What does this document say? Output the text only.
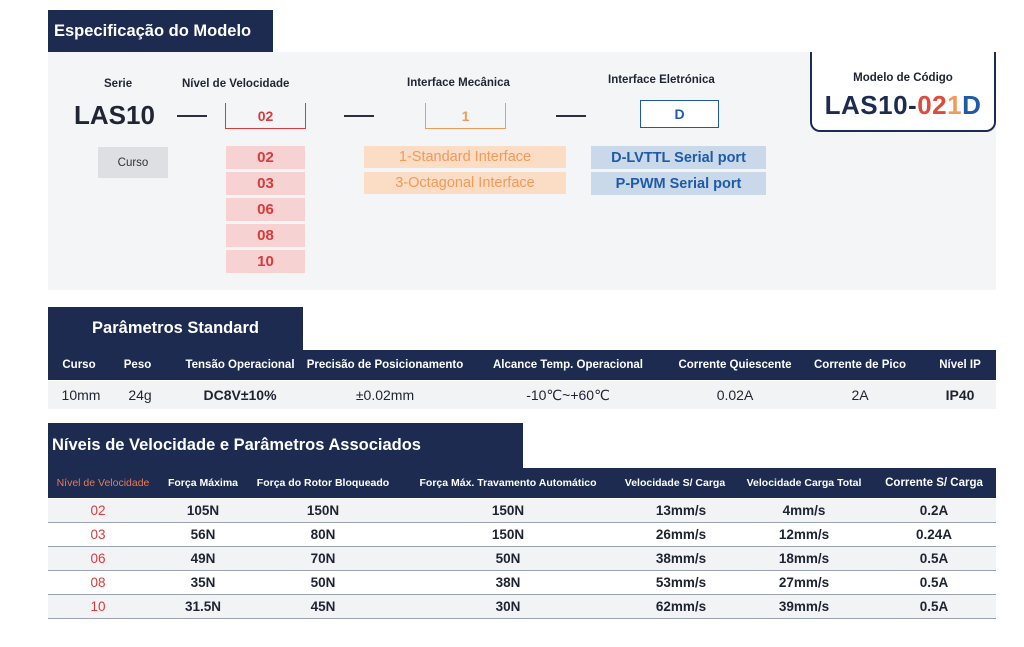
Especificação do Modelo
Modelo de Código
LAS10-021D
Serie	Nível de Velocidade	Interface Mecânica	Interface Eletrónica
LAS10	02	1	D
Curso	02
03
06
08
10
1-Standard Interface
3-Octagonal Interface
D-LVTTL Serial port
P-PWM Serial port
Parâmetros Standard
Curso	Peso	Tensão Operacional	Precisão de Posicionamento	Alcance Temp. Operacional	Corrente Quiescente	Corrente de Pico	Nível IP
10mm	24g	DC8V±10%	±0.02mm	-10℃~+60℃	0.02A	2A	IP40
Níveis de Velocidade e Parâmetros Associados
Nível de Velocidade	Força Máxima	Força do Rotor Bloqueado	Força Máx. Travamento Automático	Velocidade S/ Carga	Velocidade Carga Total	Corrente S/ Carga
02	105N	150N	150N	13mm/s	4mm/s	0.2A
03	56N	80N	150N	26mm/s	12mm/s	0.24A
06	49N	70N	50N	38mm/s	18mm/s	0.5A
08	35N	50N	38N	53mm/s	27mm/s	0.5A
10	31.5N	45N	30N	62mm/s	39mm/s	0.5A
